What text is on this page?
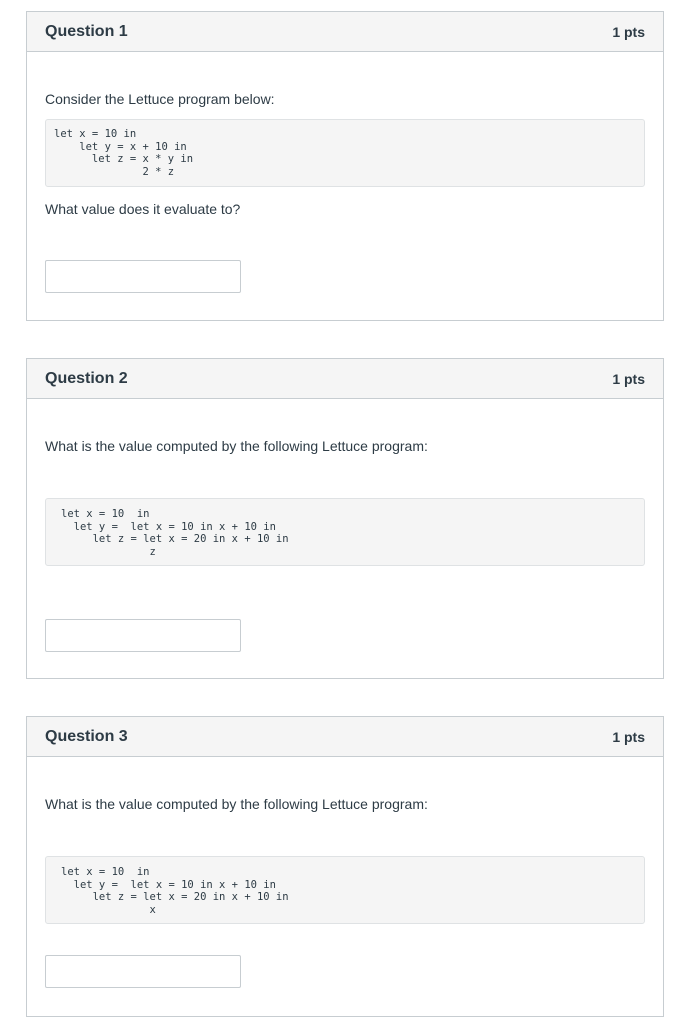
Question 1	1 pts
Consider the Lettuce program below:
let x = 10 in
let y = x + 10 in
let z = x * y in
2 * z
What value does it evaluate to?
Question 2	1 pts
What is the value computed by the following Lettuce program:
let x = 10  in
let y =  let x = 10 in x + 10 in
let z = let x = 20 in x + 10 in
z
Question 3	1 pts
What is the value computed by the following Lettuce program:
let x = 10  in
let y =  let x = 10 in x + 10 in
let z = let x = 20 in x + 10 in
x
